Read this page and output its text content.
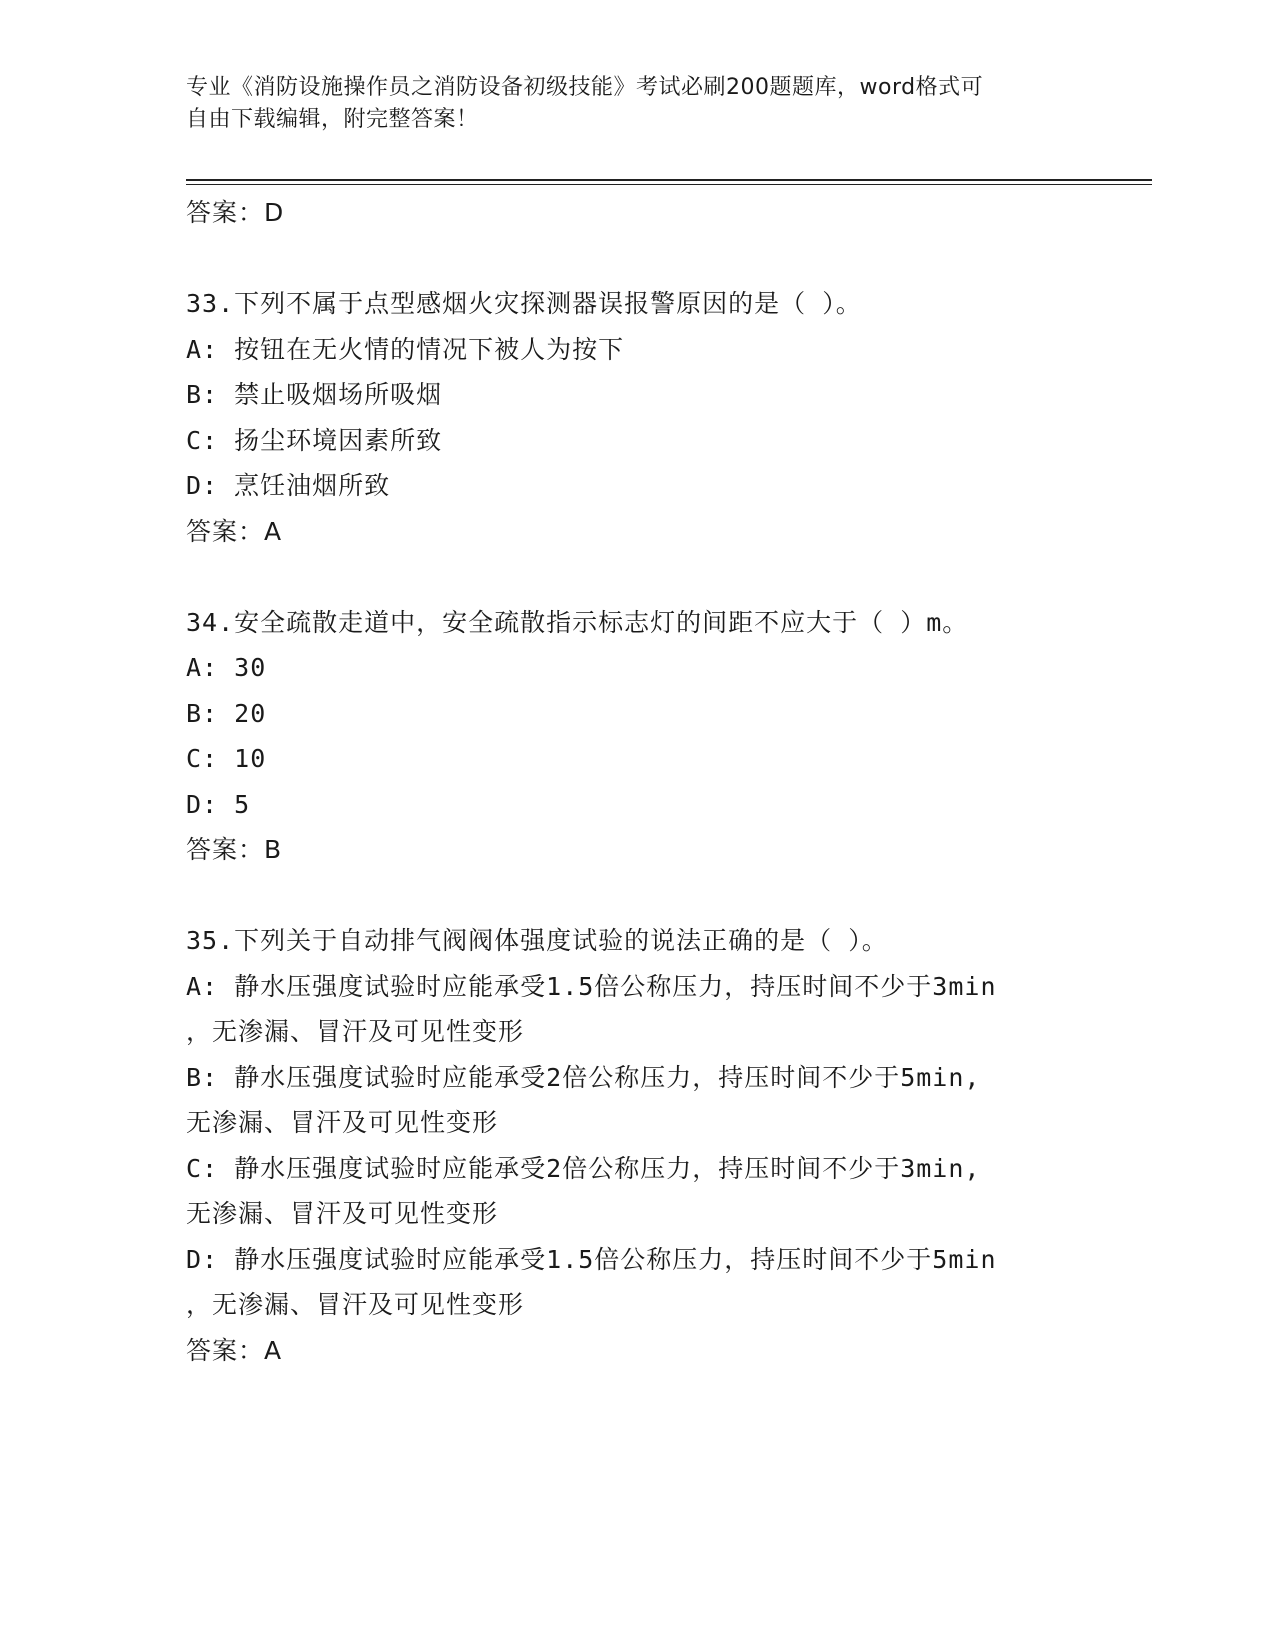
专业《消防设施操作员之消防设备初级技能》考试必刷200题题库，word格式可
自由下载编辑，附完整答案！
答案：D
33.下列不属于点型感烟火灾探测器误报警原因的是（ ）。
A: 按钮在无火情的情况下被人为按下
B: 禁止吸烟场所吸烟
C: 扬尘环境因素所致
D: 烹饪油烟所致
答案：A
34.安全疏散走道中，安全疏散指示标志灯的间距不应大于（ ）m。
A: 30
B: 20
C: 10
D: 5
答案：B
35.下列关于自动排气阀阀体强度试验的说法正确的是（ ）。
A: 静水压强度试验时应能承受1.5倍公称压力，持压时间不少于3min
，无渗漏、冒汗及可见性变形
B: 静水压强度试验时应能承受2倍公称压力，持压时间不少于5min,
无渗漏、冒汗及可见性变形
C: 静水压强度试验时应能承受2倍公称压力，持压时间不少于3min,
无渗漏、冒汗及可见性变形
D: 静水压强度试验时应能承受1.5倍公称压力，持压时间不少于5min
，无渗漏、冒汗及可见性变形
答案：A
